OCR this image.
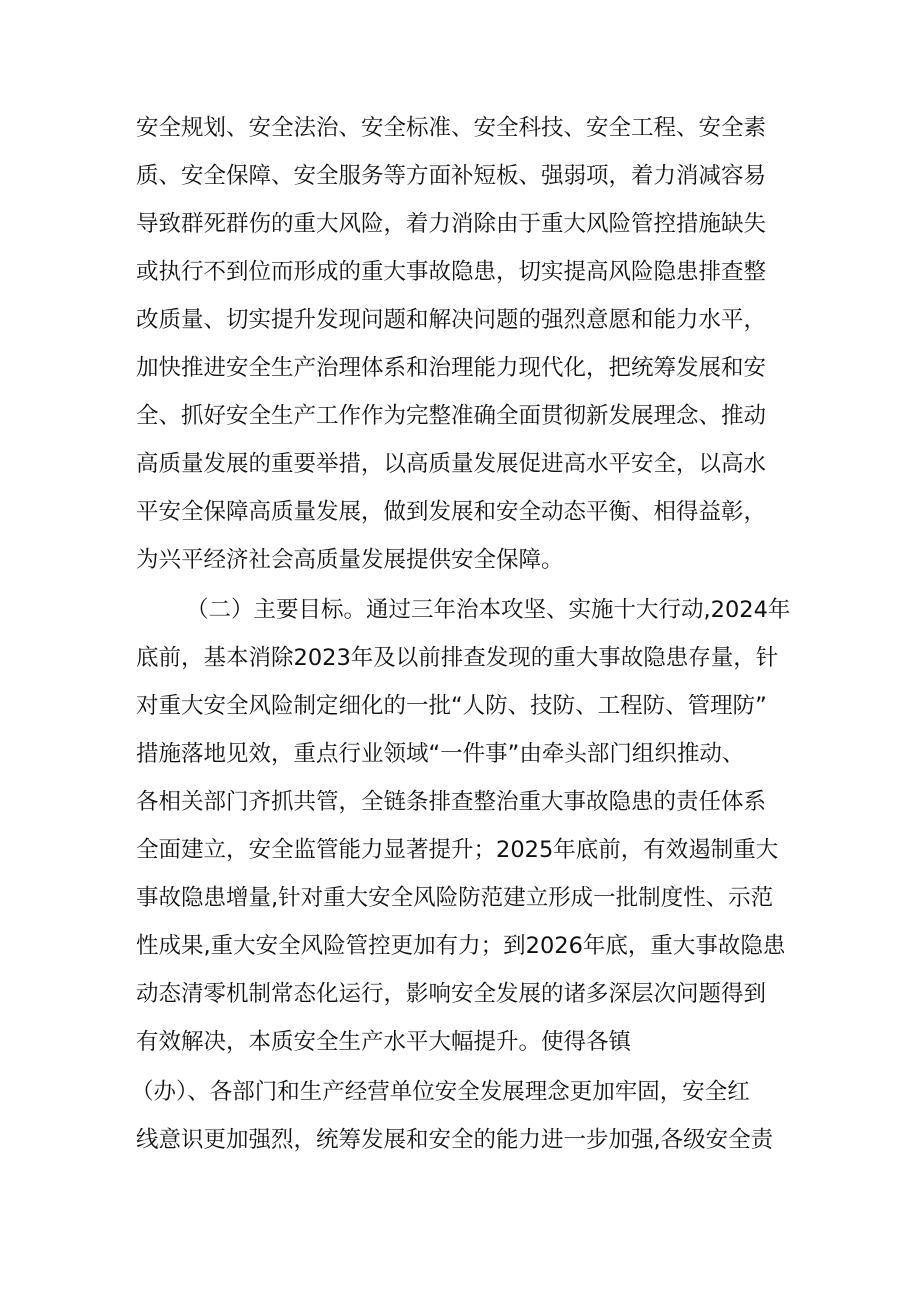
安全规划、安全法治、安全标准、安全科技、安全工程、安全素
质、安全保障、安全服务等方面补短板、强弱项，着力消减容易
导致群死群伤的重大风险，着力消除由于重大风险管控措施缺失
或执行不到位而形成的重大事故隐患，切实提高风险隐患排查整
改质量、切实提升发现问题和解决问题的强烈意愿和能力水平，
加快推进安全生产治理体系和治理能力现代化，把统筹发展和安
全、抓好安全生产工作作为完整准确全面贯彻新发展理念、推动
高质量发展的重要举措，以高质量发展促进高水平安全，以高水
平安全保障高质量发展，做到发展和安全动态平衡、相得益彰，
为兴平经济社会高质量发展提供安全保障。
（二）主要目标。通过三年治本攻坚、实施十大行动,2024年
底前，基本消除2023年及以前排查发现的重大事故隐患存量，针
对重大安全风险制定细化的一批“人防、技防、工程防、管理防”
措施落地见效，重点行业领域“一件事”由牵头部门组织推动、
各相关部门齐抓共管，全链条排查整治重大事故隐患的责任体系
全面建立，安全监管能力显著提升；2025年底前，有效遏制重大
事故隐患增量,针对重大安全风险防范建立形成一批制度性、示范
性成果,重大安全风险管控更加有力；到2026年底，重大事故隐患
动态清零机制常态化运行，影响安全发展的诸多深层次问题得到
有效解决，本质安全生产水平大幅提升。使得各镇
（办）、各部门和生产经营单位安全发展理念更加牢固，安全红
线意识更加强烈，统筹发展和安全的能力进一步加强,各级安全责
